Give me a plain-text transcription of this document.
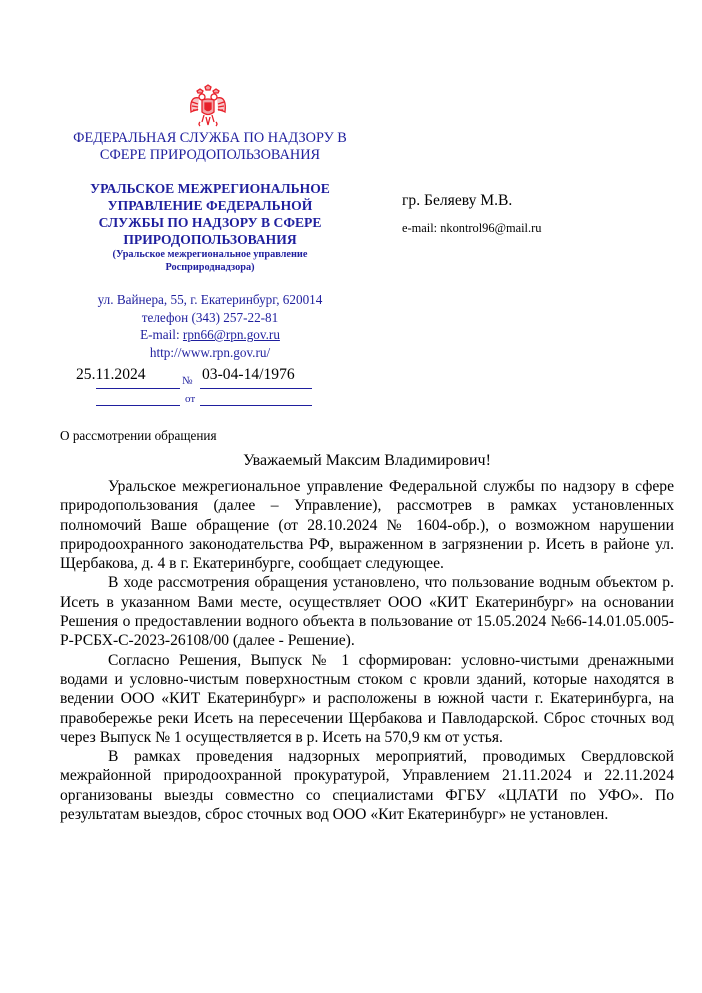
ФЕДЕРАЛЬНАЯ СЛУЖБА ПО НАДЗОРУ В
СФЕРЕ ПРИРОДОПОЛЬЗОВАНИЯ
УРАЛЬСКОЕ МЕЖРЕГИОНАЛЬНОЕ
УПРАВЛЕНИЕ ФЕДЕРАЛЬНОЙ
СЛУЖБЫ ПО НАДЗОРУ В СФЕРЕ
ПРИРОДОПОЛЬЗОВАНИЯ
(Уральское межрегиональное управление
Росприроднадзора)
ул. Вайнера, 55, г. Екатеринбург, 620014
телефон (343) 257-22-81
E-mail: rpn66@rpn.gov.ru
http://www.rpn.gov.ru/
25.11.2024	№ 03-04-14/1976
от
гр. Беляеву М.В.
e-mail: nkontrol96@mail.ru
О рассмотрении обращения
Уважаемый Максим Владимирович!

Уральское межрегиональное управление Федеральной службы по надзору в сфере природопользования (далее – Управление), рассмотрев в рамках установленных полномочий Ваше обращение (от 28.10.2024 № 1604-обр.), о возможном нарушении природоохранного законодательства РФ, выраженном в загрязнении р. Исеть в районе ул. Щербакова, д. 4 в г. Екатеринбурге, сообщает следующее.

В ходе рассмотрения обращения установлено, что пользование водным объектом р. Исеть в указанном Вами месте, осуществляет ООО «КИТ Екатеринбург» на основании Решения о предоставлении водного объекта в пользование от 15.05.2024 №66-14.01.05.005-Р-РСБХ-С-2023-26108/00 (далее - Решение).

Согласно Решения, Выпуск № 1 сформирован: условно-чистыми дренажными водами и условно-чистым поверхностным стоком с кровли зданий, которые находятся в ведении ООО «КИТ Екатеринбург» и расположены в южной части г. Екатеринбурга, на правобережье реки Исеть на пересечении Щербакова и Павлодарской. Сброс сточных вод через Выпуск № 1 осуществляется в р. Исеть на 570,9 км от устья.

В рамках проведения надзорных мероприятий, проводимых Свердловской межрайонной природоохранной прокуратурой, Управлением 21.11.2024 и 22.11.2024 организованы выезды совместно со специалистами ФГБУ «ЦЛАТИ по УФО». По результатам выездов, сброс сточных вод ООО «Кит Екатеринбург» не установлен.
